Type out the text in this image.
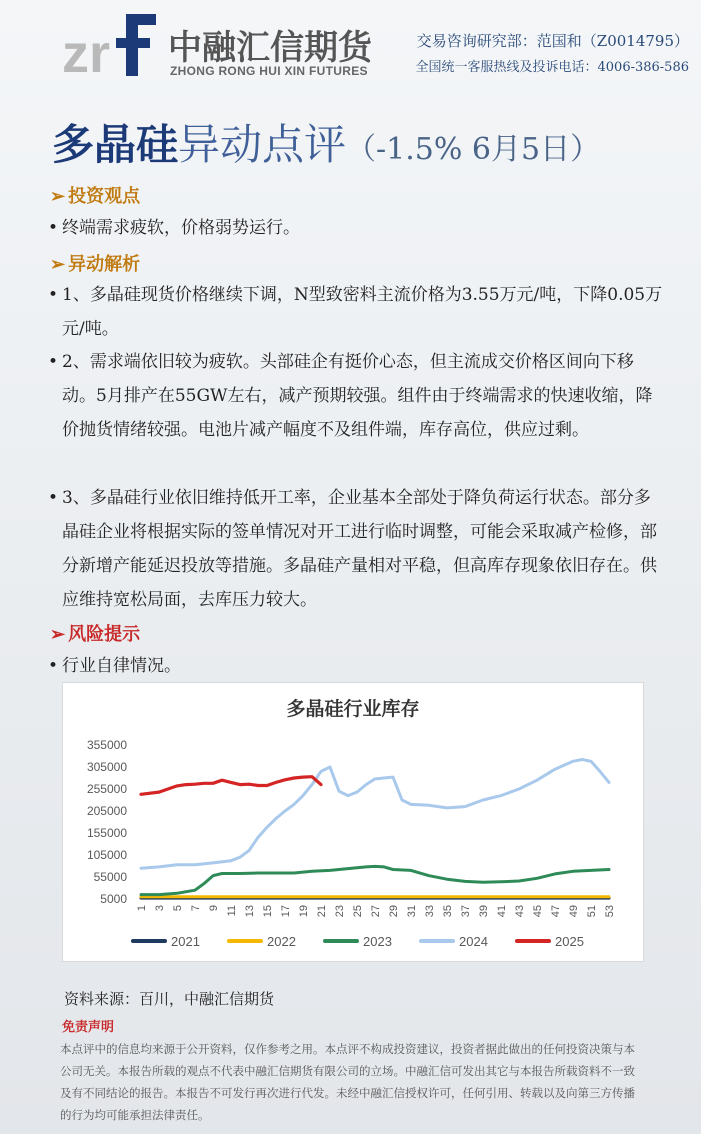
zr 中融汇信期货
ZHONG RONG HUI XIN FUTURES
交易咨询研究部：范国和（Z0014795）
全国统一客服热线及投诉电话：4006-386-586
多晶硅异动点评（-1.5% 6月5日）
➢ 投资观点
• 终端需求疲软，价格弱势运行。
➢ 异动解析
• 1、多晶硅现货价格继续下调，N型致密料主流价格为3.55万元/吨，下降0.05万元/吨。
• 2、需求端依旧较为疲软。头部硅企有挺价心态，但主流成交价格区间向下移动。5月排产在55GW左右，减产预期较强。组件由于终端需求的快速收缩，降价抛货情绪较强。电池片减产幅度不及组件端，库存高位，供应过剩。
• 3、多晶硅行业依旧维持低开工率，企业基本全部处于降负荷运行状态。部分多晶硅企业将根据实际的签单情况对开工进行临时调整，可能会采取减产检修，部分新增产能延迟投放等措施。多晶硅产量相对平稳，但高库存现象依旧存在。供应维持宽松局面，去库压力较大。
➢ 风险提示
• 行业自律情况。
多晶硅行业库存
5000
55000
105000
155000
205000
255000
305000
355000
1 3 5 7 9 11 13 15 17 19 21 23 25 27 29 31 33 35 37 39 41 43 45 47 49 51 53
2021	2022	2023	2024	2025
资料来源：百川，中融汇信期货
免责声明
本点评中的信息均来源于公开资料，仅作参考之用。本点评不构成投资建议，投资者据此做出的任何投资决策与本公司无关。本报告所载的观点不代表中融汇信期货有限公司的立场。中融汇信可发出其它与本报告所载资料不一致及有不同结论的报告。本报告不可发行再次进行代发。未经中融汇信授权许可，任何引用、转载以及向第三方传播的行为均可能承担法律责任。
